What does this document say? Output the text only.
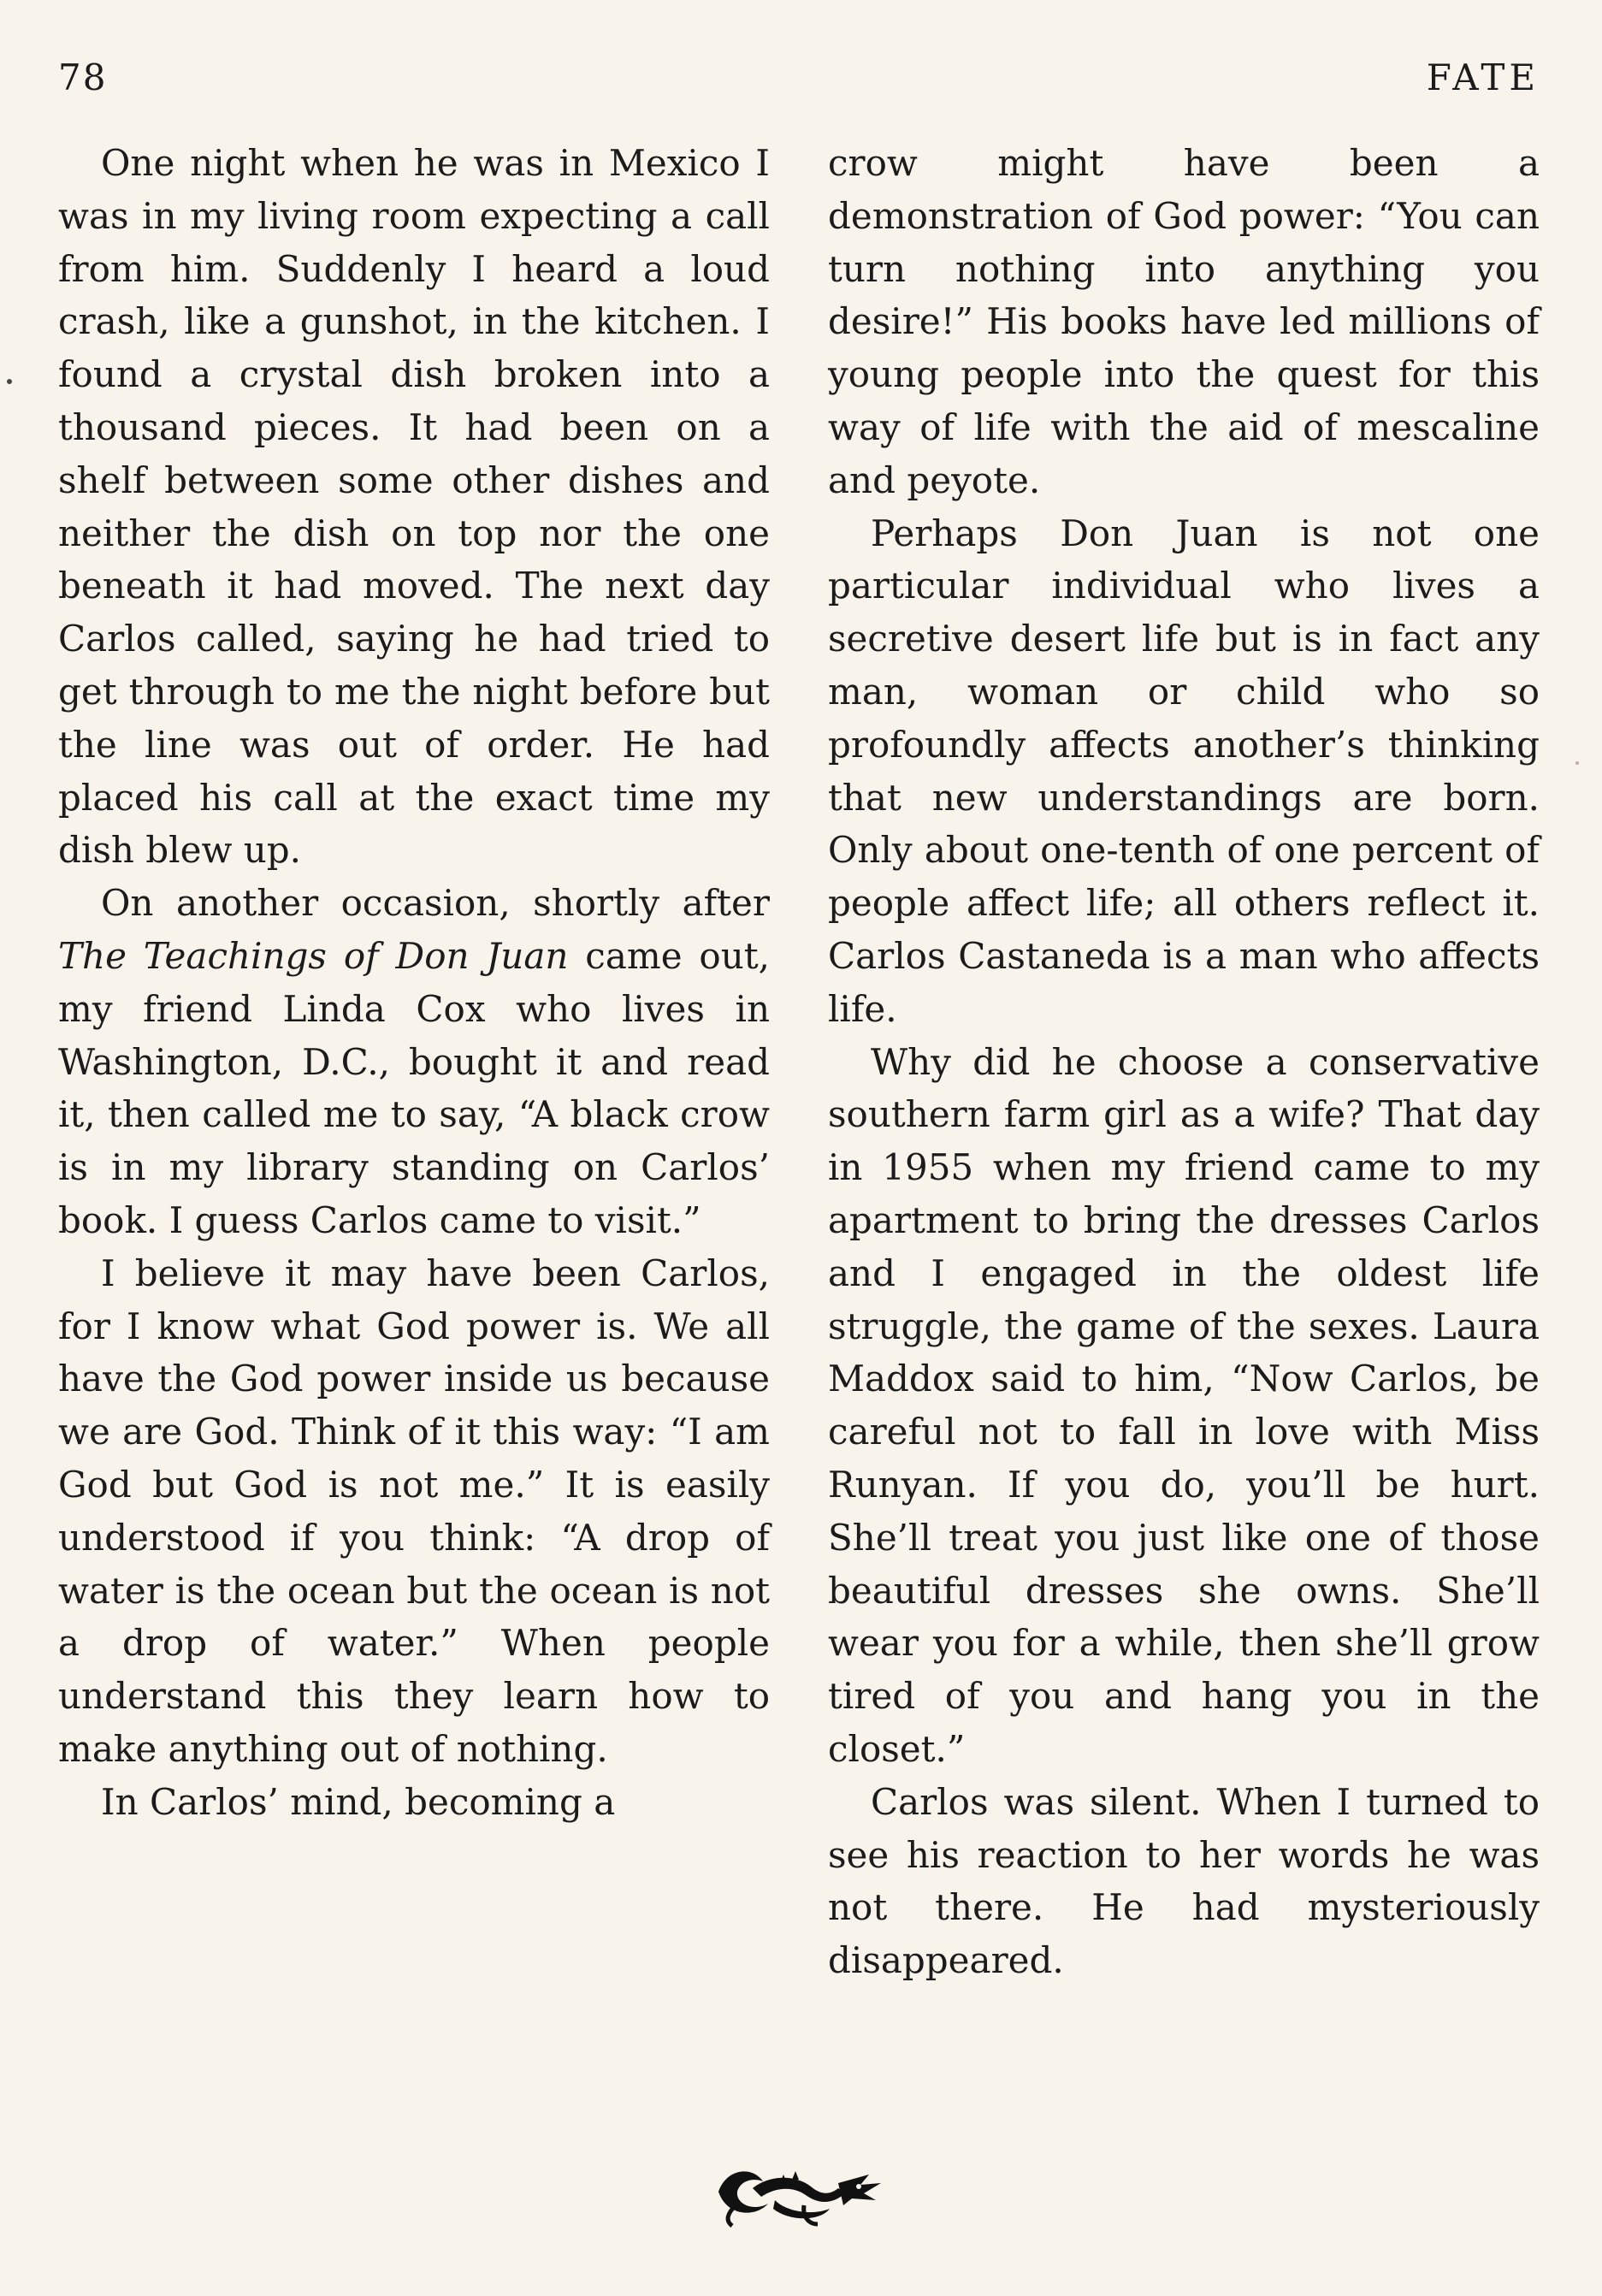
78	FATE

One night when he was in Mexico I was in my living room expecting a call from him. Suddenly I heard a loud crash, like a gunshot, in the kitchen. I found a crystal dish broken into a thousand pieces. It had been on a shelf between some other dishes and neither the dish on top nor the one beneath it had moved. The next day Carlos called, saying he had tried to get through to me the night before but the line was out of order. He had placed his call at the exact time my dish blew up.

On another occasion, shortly after The Teachings of Don Juan came out, my friend Linda Cox who lives in Washington, D.C., bought it and read it, then called me to say, “A black crow is in my library standing on Carlos’ book. I guess Carlos came to visit.”

I believe it may have been Carlos, for I know what God power is. We all have the God power inside us because we are God. Think of it this way: “I am God but God is not me.” It is easily understood if you think: “A drop of water is the ocean but the ocean is not a drop of water.” When people understand this they learn how to make anything out of nothing.

In Carlos’ mind, becoming a

crow might have been a demonstration of God power: “You can turn nothing into anything you desire!” His books have led millions of young people into the quest for this way of life with the aid of mescaline and peyote.

Perhaps Don Juan is not one particular individual who lives a secretive desert life but is in fact any man, woman or child who so profoundly affects another’s thinking that new understandings are born. Only about one-tenth of one percent of people affect life; all others reflect it. Carlos Castaneda is a man who affects life.

Why did he choose a conservative southern farm girl as a wife? That day in 1955 when my friend came to my apartment to bring the dresses Carlos and I engaged in the oldest life struggle, the game of the sexes. Laura Maddox said to him, “Now Carlos, be careful not to fall in love with Miss Runyan. If you do, you’ll be hurt. She’ll treat you just like one of those beautiful dresses she owns. She’ll wear you for a while, then she’ll grow tired of you and hang you in the closet.”

Carlos was silent. When I turned to see his reaction to her words he was not there. He had mysteriously disappeared.
